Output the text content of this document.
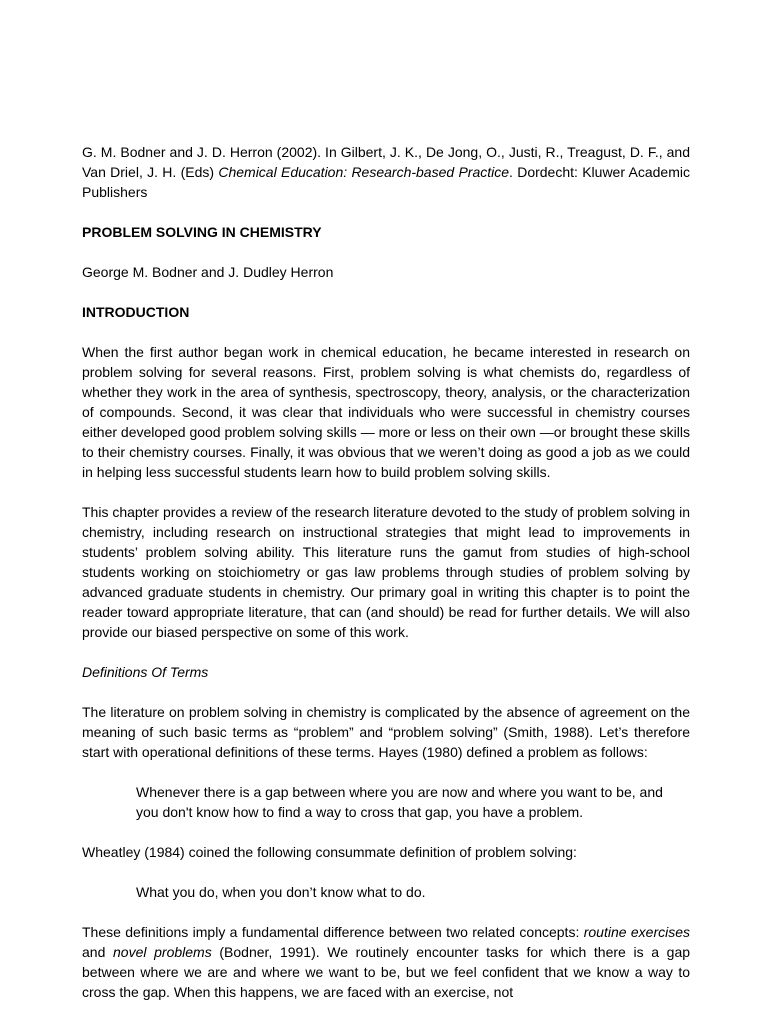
G. M. Bodner and J. D. Herron (2002). In Gilbert, J. K., De Jong, O., Justi, R., Treagust, D. F., and Van Driel, J. H. (Eds) Chemical Education: Research-based Practice. Dordecht: Kluwer Academic Publishers

PROBLEM SOLVING IN CHEMISTRY

George M. Bodner and J. Dudley Herron

INTRODUCTION

When the first author began work in chemical education, he became interested in research on problem solving for several reasons. First, problem solving is what chemists do, regardless of whether they work in the area of synthesis, spectroscopy, theory, analysis, or the characterization of compounds. Second, it was clear that individuals who were successful in chemistry courses either developed good problem solving skills — more or less on their own —or brought these skills to their chemistry courses. Finally, it was obvious that we weren’t doing as good a job as we could in helping less successful students learn how to build problem solving skills.

This chapter provides a review of the research literature devoted to the study of problem solving in chemistry, including research on instructional strategies that might lead to improvements in students’ problem solving ability. This literature runs the gamut from studies of high-school students working on stoichiometry or gas law problems through studies of problem solving by advanced graduate students in chemistry. Our primary goal in writing this chapter is to point the reader toward appropriate literature, that can (and should) be read for further details. We will also provide our biased perspective on some of this work.

Definitions Of Terms

The literature on problem solving in chemistry is complicated by the absence of agreement on the meaning of such basic terms as “problem” and “problem solving” (Smith, 1988). Let’s therefore start with operational definitions of these terms. Hayes (1980) defined a problem as follows:

Whenever there is a gap between where you are now and where you want to be, and you don't know how to find a way to cross that gap, you have a problem.

Wheatley (1984) coined the following consummate definition of problem solving:

What you do, when you don’t know what to do.

These definitions imply a fundamental difference between two related concepts: routine exercises and novel problems (Bodner, 1991). We routinely encounter tasks for which there is a gap between where we are and where we want to be, but we feel confident that we know a way to cross the gap. When this happens, we are faced with an exercise, not
